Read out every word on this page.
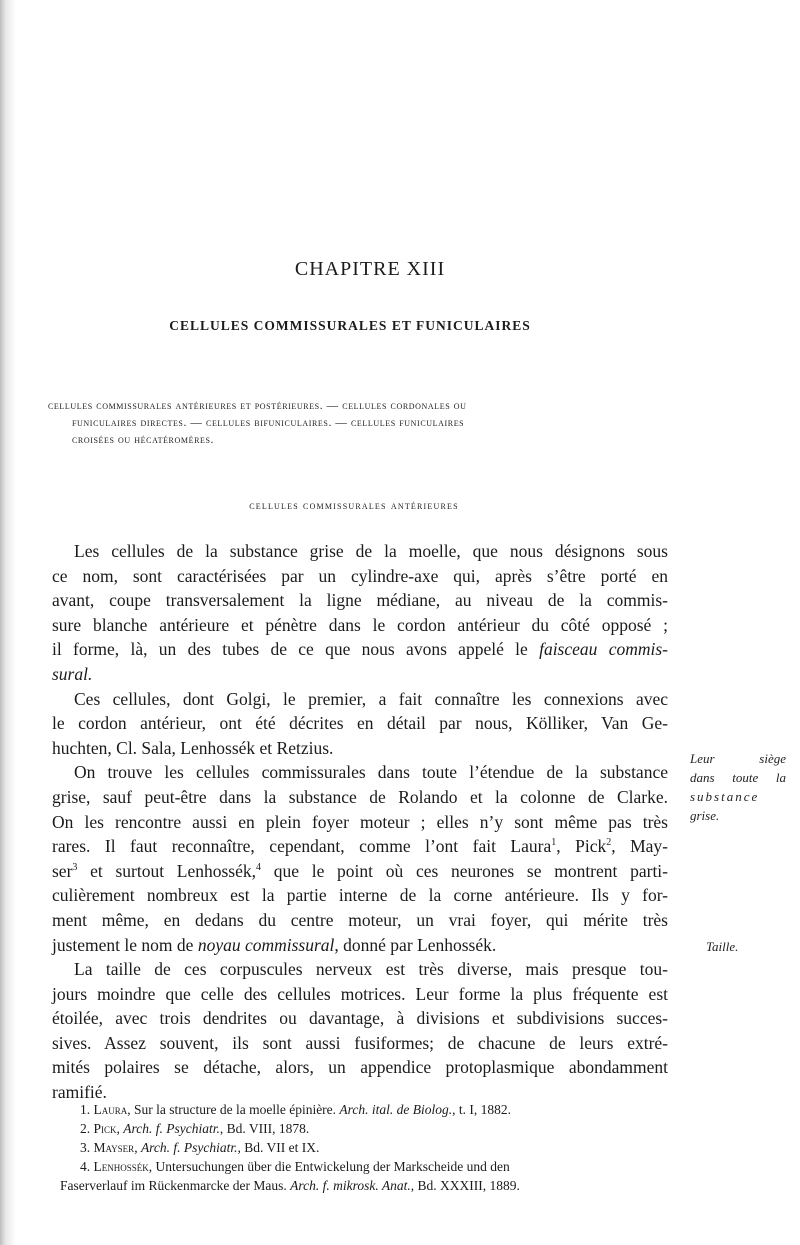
CHAPITRE XIII
CELLULES COMMISSURALES ET FUNICULAIRES
cellules commissurales antérieures et postérieures. — cellules cordonales ou
funiculaires directes. — cellules bifuniculaires. — cellules funiculaires
croisées ou hécatéromères.
cellules commissurales antérieures

Les cellules de la substance grise de la moelle, que nous désignons sous
ce nom, sont caractérisées par un cylindre-axe qui, après s’être porté en
avant, coupe transversalement la ligne médiane, au niveau de la commis-
sure blanche antérieure et pénètre dans le cordon antérieur du côté opposé ;
il forme, là, un des tubes de ce que nous avons appelé le faisceau commis-
sural.

Ces cellules, dont Golgi, le premier, a fait connaître les connexions avec
le cordon antérieur, ont été décrites en détail par nous, Kölliker, Van Ge-
huchten, Cl. Sala, Lenhossék et Retzius.

On trouve les cellules commissurales dans toute l’étendue de la substance
grise, sauf peut-être dans la substance de Rolando et la colonne de Clarke.
On les rencontre aussi en plein foyer moteur ; elles n’y sont même pas très
rares. Il faut reconnaître, cependant, comme l’ont fait Laura$^1$, Pick$^2$, May-
ser$^3$ et surtout Lenhossék,$^4$ que le point où ces neurones se montrent parti-
culièrement nombreux est la partie interne de la corne antérieure. Ils y for-
ment même, en dedans du centre moteur, un vrai foyer, qui mérite très
justement le nom de noyau commissural, donné par Lenhossék.

La taille de ces corpuscules nerveux est très diverse, mais presque tou-
jours moindre que celle des cellules motrices. Leur forme la plus fréquente est
étoilée, avec trois dendrites ou davantage, à divisions et subdivisions succes-
sives. Assez souvent, ils sont aussi fusiformes; de chacune de leurs extré-
mités polaires se détache, alors, un appendice protoplasmique abondamment
ramifié.

Leur siège
dans toute la
substance
grise.
Taille.
1. Laura, Sur la structure de la moelle épinière. Arch. ital. de Biolog., t. I, 1882.
2. Pick, Arch. f. Psychiatr., Bd. VIII, 1878.
3. Mayser, Arch. f. Psychiatr., Bd. VII et IX.
4. Lenhossék, Untersuchungen über die Entwickelung der Markscheide und den
Faserverlauf im Rückenmarcke der Maus. Arch. f. mikrosk. Anat., Bd. XXXIII, 1889.
